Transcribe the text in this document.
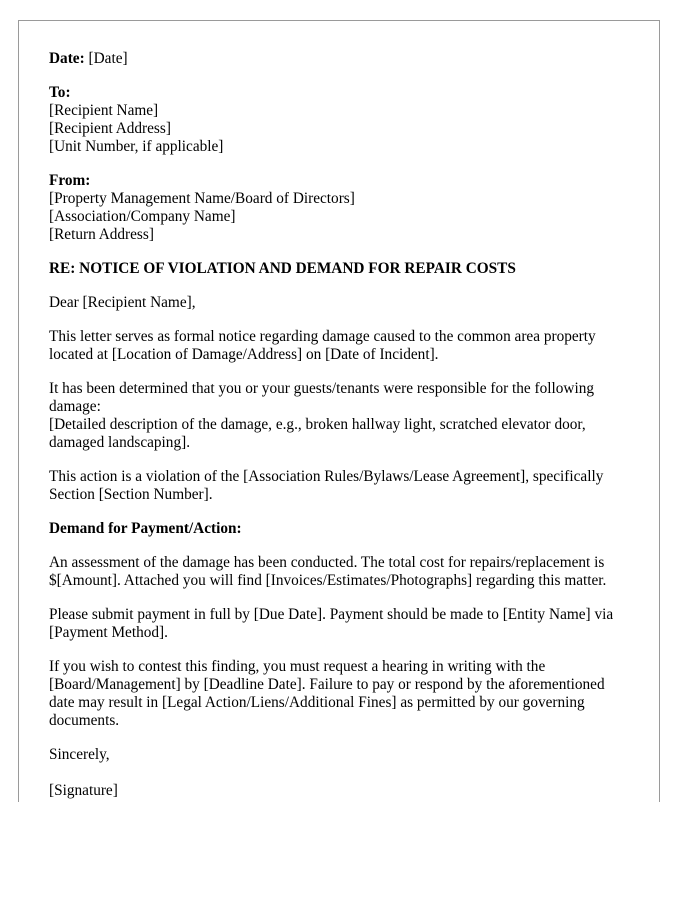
Date: [Date]
To:
[Recipient Name]
[Recipient Address]
[Unit Number, if applicable]
From:
[Property Management Name/Board of Directors]
[Association/Company Name]
[Return Address]
RE: NOTICE OF VIOLATION AND DEMAND FOR REPAIR COSTS

Dear [Recipient Name],

This letter serves as formal notice regarding damage caused to the common area property located at [Location of Damage/Address] on [Date of Incident].

It has been determined that you or your guests/tenants were responsible for the following damage:
[Detailed description of the damage, e.g., broken hallway light, scratched elevator door, damaged landscaping].

This action is a violation of the [Association Rules/Bylaws/Lease Agreement], specifically Section [Section Number].

Demand for Payment/Action:

An assessment of the damage has been conducted. The total cost for repairs/replacement is $[Amount]. Attached you will find [Invoices/Estimates/Photographs] regarding this matter.

Please submit payment in full by [Due Date]. Payment should be made to [Entity Name] via [Payment Method].

If you wish to contest this finding, you must request a hearing in writing with the [Board/Management] by [Deadline Date]. Failure to pay or respond by the aforementioned date may result in [Legal Action/Liens/Additional Fines] as permitted by our governing documents.

Sincerely,

[Signature]
